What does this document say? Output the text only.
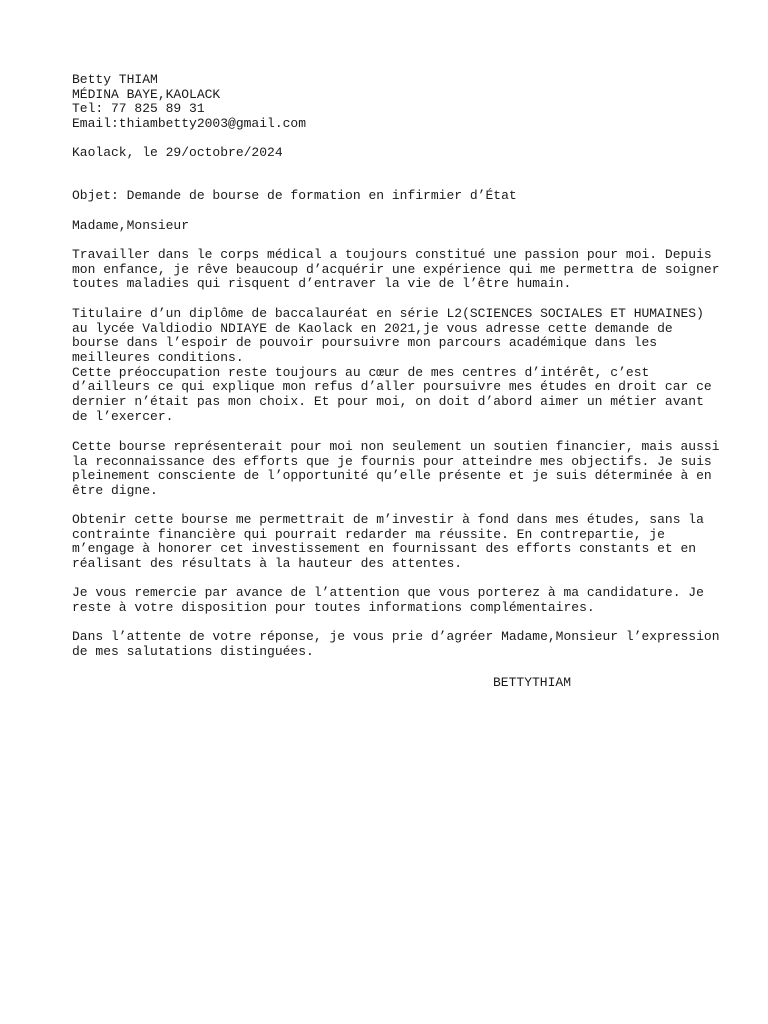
Betty THIAM
MÉDINA BAYE,KAOLACK
Tel: 77 825 89 31
Email:thiambetty2003@gmail.com
Kaolack, le 29/octobre/2024
Objet: Demande de bourse de formation en infirmier d’État
Madame,Monsieur
Travailler dans le corps médical a toujours constitué une passion pour moi. Depuis
mon enfance, je rêve beaucoup d’acquérir une expérience qui me permettra de soigner
toutes maladies qui risquent d’entraver la vie de l’être humain.
Titulaire d’un diplôme de baccalauréat en série L2(SCIENCES SOCIALES ET HUMAINES)
au lycée Valdiodio NDIAYE de Kaolack en 2021,je vous adresse cette demande de
bourse dans l’espoir de pouvoir poursuivre mon parcours académique dans les
meilleures conditions.
Cette préoccupation reste toujours au cœur de mes centres d’intérêt, c’est
d’ailleurs ce qui explique mon refus d’aller poursuivre mes études en droit car ce
dernier n’était pas mon choix. Et pour moi, on doit d’abord aimer un métier avant
de l’exercer.
Cette bourse représenterait pour moi non seulement un soutien financier, mais aussi
la reconnaissance des efforts que je fournis pour atteindre mes objectifs. Je suis
pleinement consciente de l’opportunité qu’elle présente et je suis déterminée à en
être digne.
Obtenir cette bourse me permettrait de m’investir à fond dans mes études, sans la
contrainte financière qui pourrait redarder ma réussite. En contrepartie, je
m’engage à honorer cet investissement en fournissant des efforts constants et en
réalisant des résultats à la hauteur des attentes.
Je vous remercie par avance de l’attention que vous porterez à ma candidature. Je
reste à votre disposition pour toutes informations complémentaires.
Dans l’attente de votre réponse, je vous prie d’agréer Madame,Monsieur l’expression
de mes salutations distinguées.
BETTYTHIAM
